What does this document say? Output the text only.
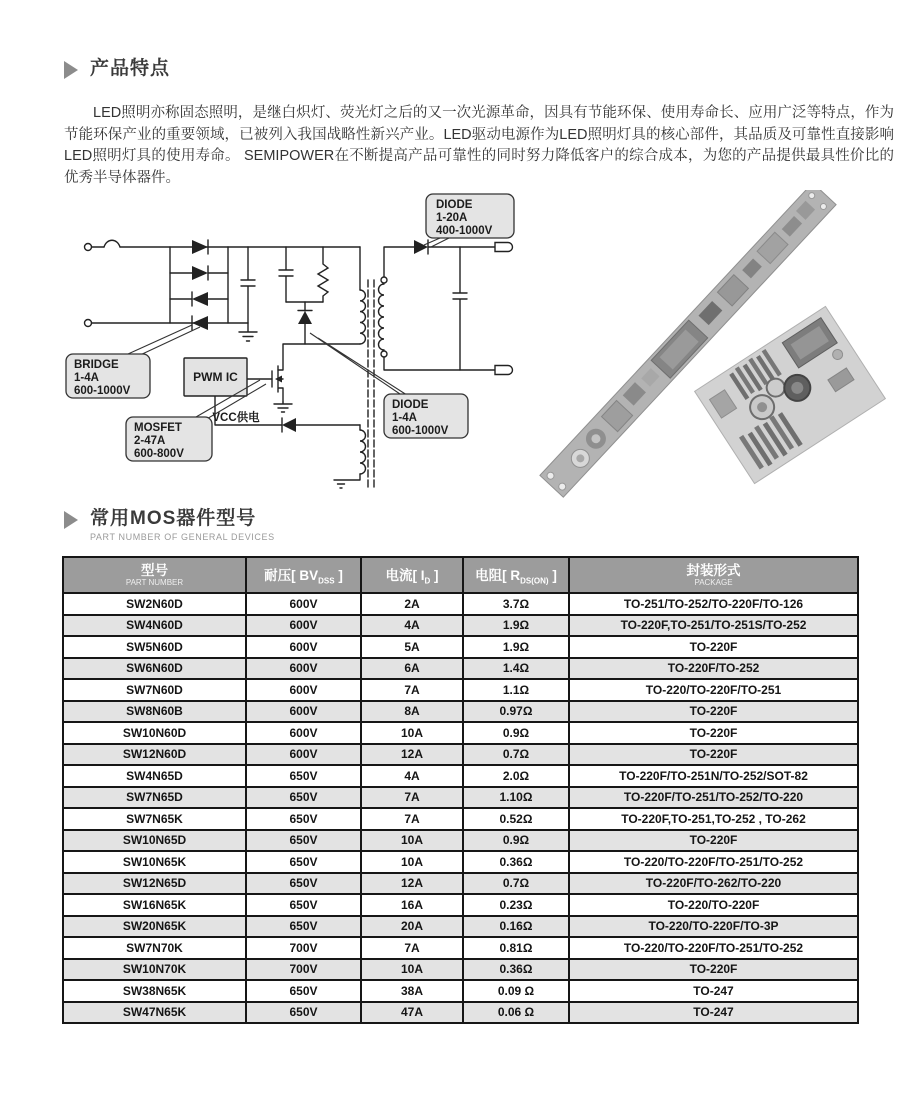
产品特点
LED照明亦称固态照明，是继白炽灯、荧光灯之后的又一次光源革命，因具有节能环保、使用寿命长、应用广泛等特点，作为节能环保产业的重要领域，已被列入我国战略性新兴产业。LED驱动电源作为LED照明灯具的核心部件，其品质及可靠性直接影响LED照明灯具的使用寿命。 SEMIPOWER在不断提高产品可靠性的同时努力降低客户的综合成本，为您的产品提供最具性价比的优秀半导体器件。
PWM IC
VCC供电
DIODE
1-20A
400-1000V
BRIDGE
1-4A
600-1000V
MOSFET
2-47A
600-800V
DIODE
1-4A
600-1000V
常用MOS器件型号
PART NUMBER OF GENERAL DEVICES
型号
PART NUMBER	耐压[ $BV_{DSS}$ ]	电流[ $I_D$ ]	电阻[ $R_{DS(ON)}$ ]	封装形式
PACKAGE

SW2N60D	600V	2A	3.7Ω	TO-251/TO-252/TO-220F/TO-126
SW4N60D	600V	4A	1.9Ω	TO-220F,TO-251/TO-251S/TO-252
SW5N60D	600V	5A	1.9Ω	TO-220F
SW6N60D	600V	6A	1.4Ω	TO-220F/TO-252
SW7N60D	600V	7A	1.1Ω	TO-220/TO-220F/TO-251
SW8N60B	600V	8A	0.97Ω	TO-220F
SW10N60D	600V	10A	0.9Ω	TO-220F
SW12N60D	600V	12A	0.7Ω	TO-220F
SW4N65D	650V	4A	2.0Ω	TO-220F/TO-251N/TO-252/SOT-82
SW7N65D	650V	7A	1.10Ω	TO-220F/TO-251/TO-252/TO-220
SW7N65K	650V	7A	0.52Ω	TO-220F,TO-251,TO-252 , TO-262
SW10N65D	650V	10A	0.9Ω	TO-220F
SW10N65K	650V	10A	0.36Ω	TO-220/TO-220F/TO-251/TO-252
SW12N65D	650V	12A	0.7Ω	TO-220F/TO-262/TO-220
SW16N65K	650V	16A	0.23Ω	TO-220/TO-220F
SW20N65K	650V	20A	0.16Ω	TO-220/TO-220F/TO-3P
SW7N70K	700V	7A	0.81Ω	TO-220/TO-220F/TO-251/TO-252
SW10N70K	700V	10A	0.36Ω	TO-220F
SW38N65K	650V	38A	0.09 Ω	TO-247
SW47N65K	650V	47A	0.06 Ω	TO-247
